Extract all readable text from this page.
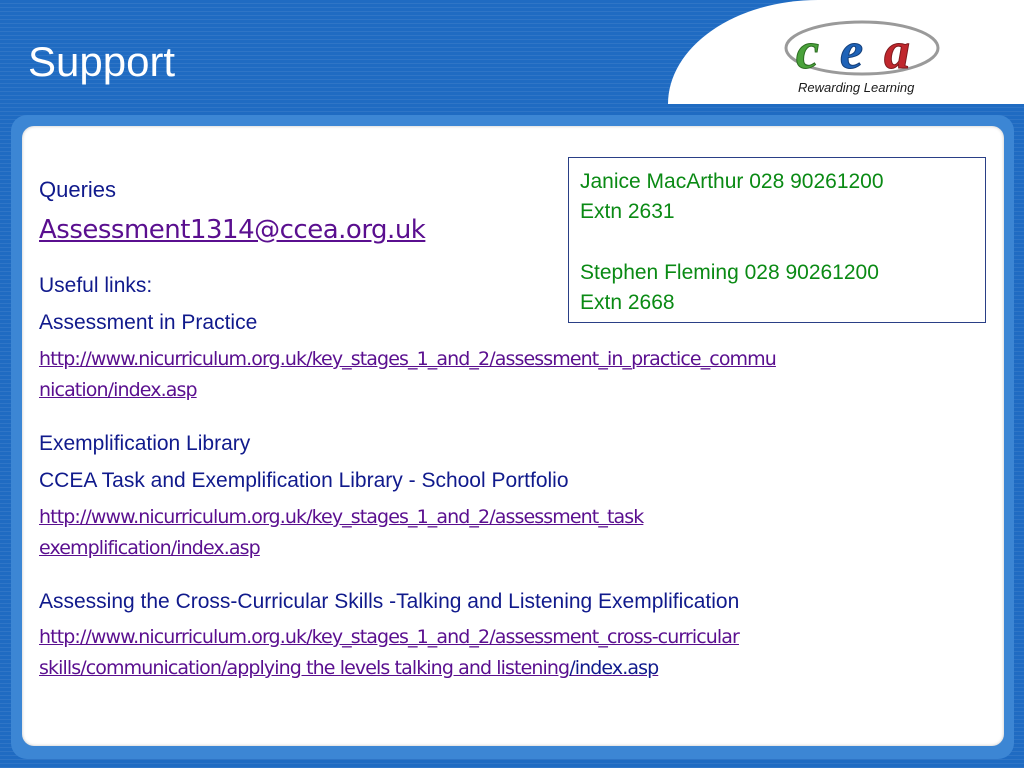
Support	c e a
Rewarding Learning
Janice MacArthur 028 90261200
Extn 2631
Stephen Fleming 028 90261200
Extn 2668
Queries
Assessment1314@ccea.org.uk
Useful links:
Assessment in Practice
http://www.nicurriculum.org.uk/key_stages_1_and_2/assessment_in_practice_commu
nication/index.asp
Exemplification Library
CCEA Task and Exemplification Library - School Portfolio
http://www.nicurriculum.org.uk/key_stages_1_and_2/assessment_task
exemplification/index.asp
Assessing the Cross-Curricular Skills -Talking and Listening Exemplification
http://www.nicurriculum.org.uk/key_stages_1_and_2/assessment_cross-curricular
skills/communication/applying the levels talking and listening/index.asp
